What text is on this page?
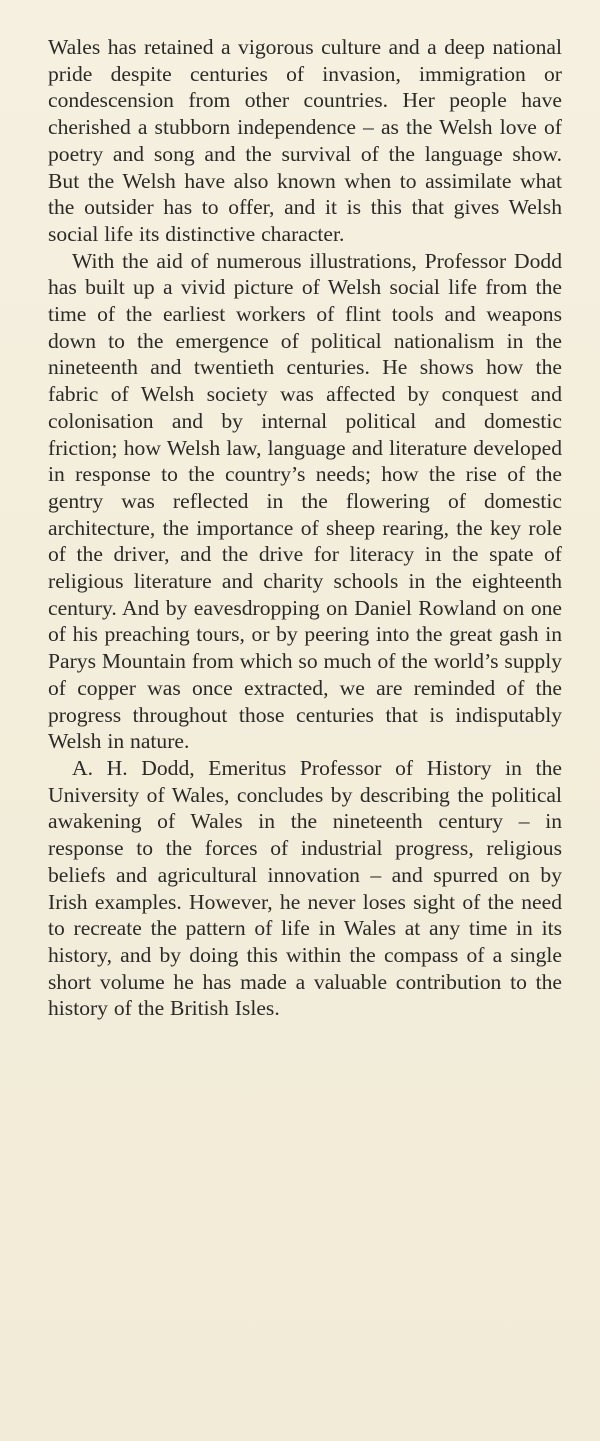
Wales has retained a vigorous culture and a deep national pride despite centuries of invasion, immigration or condescension from other countries. Her people have cherished a stubborn independence – as the Welsh love of poetry and song and the survival of the language show. But the Welsh have also known when to assimilate what the outsider has to offer, and it is this that gives Welsh social life its distinctive character.

With the aid of numerous illustrations, Professor Dodd has built up a vivid picture of Welsh social life from the time of the earliest workers of flint tools and weapons down to the emergence of political nationalism in the nineteenth and twentieth centuries. He shows how the fabric of Welsh society was affected by conquest and colonisation and by internal political and domestic friction; how Welsh law, language and literature developed in response to the country’s needs; how the rise of the gentry was reflected in the flowering of domestic architecture, the importance of sheep rearing, the key role of the driver, and the drive for literacy in the spate of religious literature and charity schools in the eighteenth century. And by eavesdropping on Daniel Rowland on one of his preaching tours, or by peering into the great gash in Parys Mountain from which so much of the world’s supply of copper was once extracted, we are reminded of the progress throughout those centuries that is indisputably Welsh in nature.

A. H. Dodd, Emeritus Professor of History in the University of Wales, concludes by describing the political awakening of Wales in the nineteenth century – in response to the forces of industrial progress, religious beliefs and agricultural innovation – and spurred on by Irish examples. However, he never loses sight of the need to recreate the pattern of life in Wales at any time in its history, and by doing this within the compass of a single short volume he has made a valuable contribution to the history of the British Isles.
